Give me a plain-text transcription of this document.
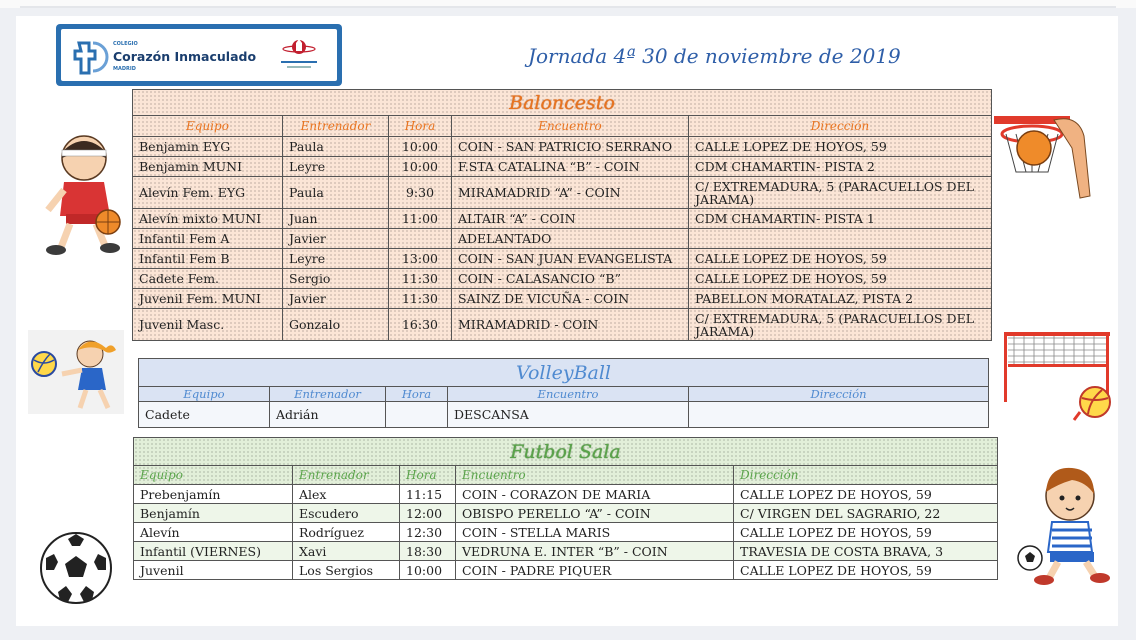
COLEGIO
Corazón Inmaculado
MADRID
Jornada 4ª 30 de noviembre de 2019
Baloncesto				
Equipo	Entrenador	Hora	Encuentro	Dirección
Benjamin EYG	Paula	10:00	COIN - SAN PATRICIO SERRANO	CALLE LOPEZ DE HOYOS, 59
Benjamin MUNI	Leyre	10:00	F.STA CATALINA “B” - COIN	CDM CHAMARTIN- PISTA 2
Alevín Fem. EYG	Paula	9:30	MIRAMADRID “A” - COIN	C/ EXTREMADURA, 5 (PARACUELLOS DEL
JARAMA)

Alevín mixto MUNI	Juan	11:00	ALTAIR “A” - COIN	CDM CHAMARTIN- PISTA 1
Infantil Fem A	Javier		ADELANTADO	
Infantil Fem B	Leyre	13:00	COIN - SAN JUAN EVANGELISTA	CALLE LOPEZ DE HOYOS, 59
Cadete Fem.	Sergio	11:30	COIN - CALASANCIO “B”	CALLE LOPEZ DE HOYOS, 59
Juvenil Fem. MUNI	Javier	11:30	SAINZ DE VICUÑA - COIN	PABELLON MORATALAZ, PISTA 2
Juvenil Masc.	Gonzalo	16:30	MIRAMADRID - COIN	C/ EXTREMADURA, 5 (PARACUELLOS DEL
JARAMA)
VolleyBall				
Equipo	Entrenador	Hora	Encuentro	Dirección
Cadete	Adrián		DESCANSA	
Futbol Sala				
Equipo	Entrenador	Hora	Encuentro	Dirección
Prebenjamín	Alex	11:15	COIN - CORAZON DE MARIA	CALLE LOPEZ DE HOYOS, 59
Benjamín	Escudero	12:00	OBISPO PERELLO “A” - COIN	C/ VIRGEN DEL SAGRARIO, 22
Alevín	Rodríguez	12:30	COIN - STELLA MARIS	CALLE LOPEZ DE HOYOS, 59
Infantil (VIERNES)	Xavi	18:30	VEDRUNA E. INTER “B” - COIN	TRAVESIA DE COSTA BRAVA, 3
Juvenil	Los Sergios	10:00	COIN - PADRE PIQUER	CALLE LOPEZ DE HOYOS, 59
